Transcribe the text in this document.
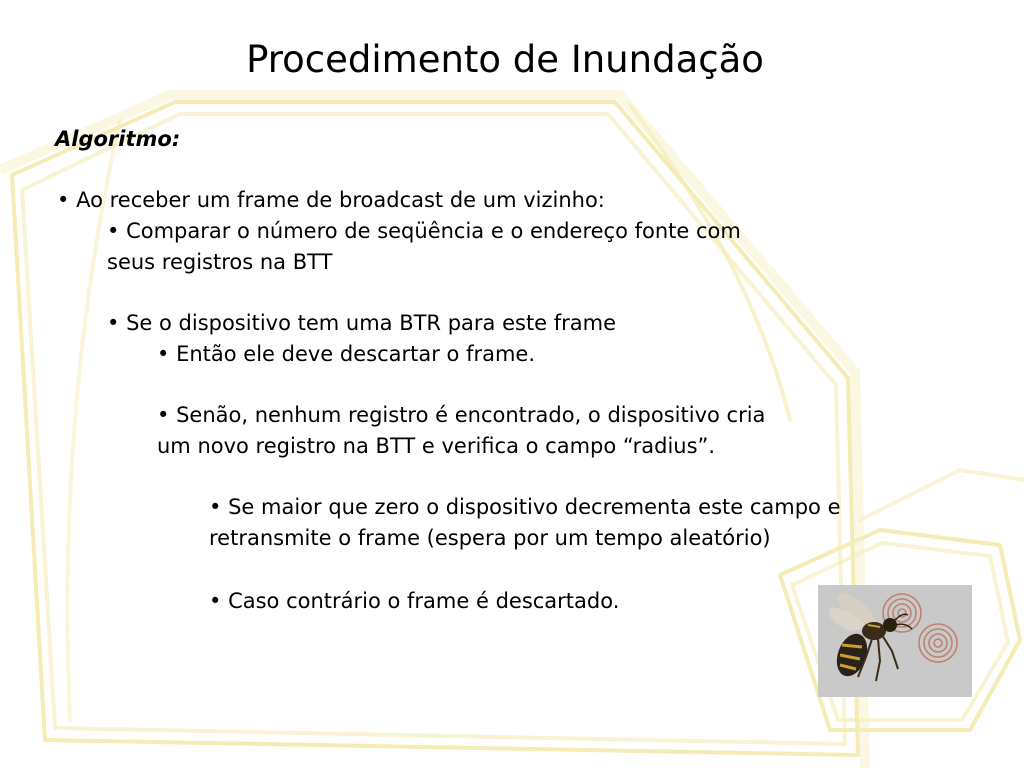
Procedimento de Inundação
Algoritmo:
• Ao receber um frame de broadcast de um vizinho:
• Comparar o número de seqüência e o endereço fonte com
seus registros na BTT
• Se o dispositivo tem uma BTR para este frame
• Então ele deve descartar o frame.
• Senão, nenhum registro é encontrado, o dispositivo cria
um novo registro na BTT e verifica o campo “radius”.
• Se maior que zero o dispositivo decrementa este campo e
retransmite o frame (espera por um tempo aleatório)
• Caso contrário o frame é descartado.
